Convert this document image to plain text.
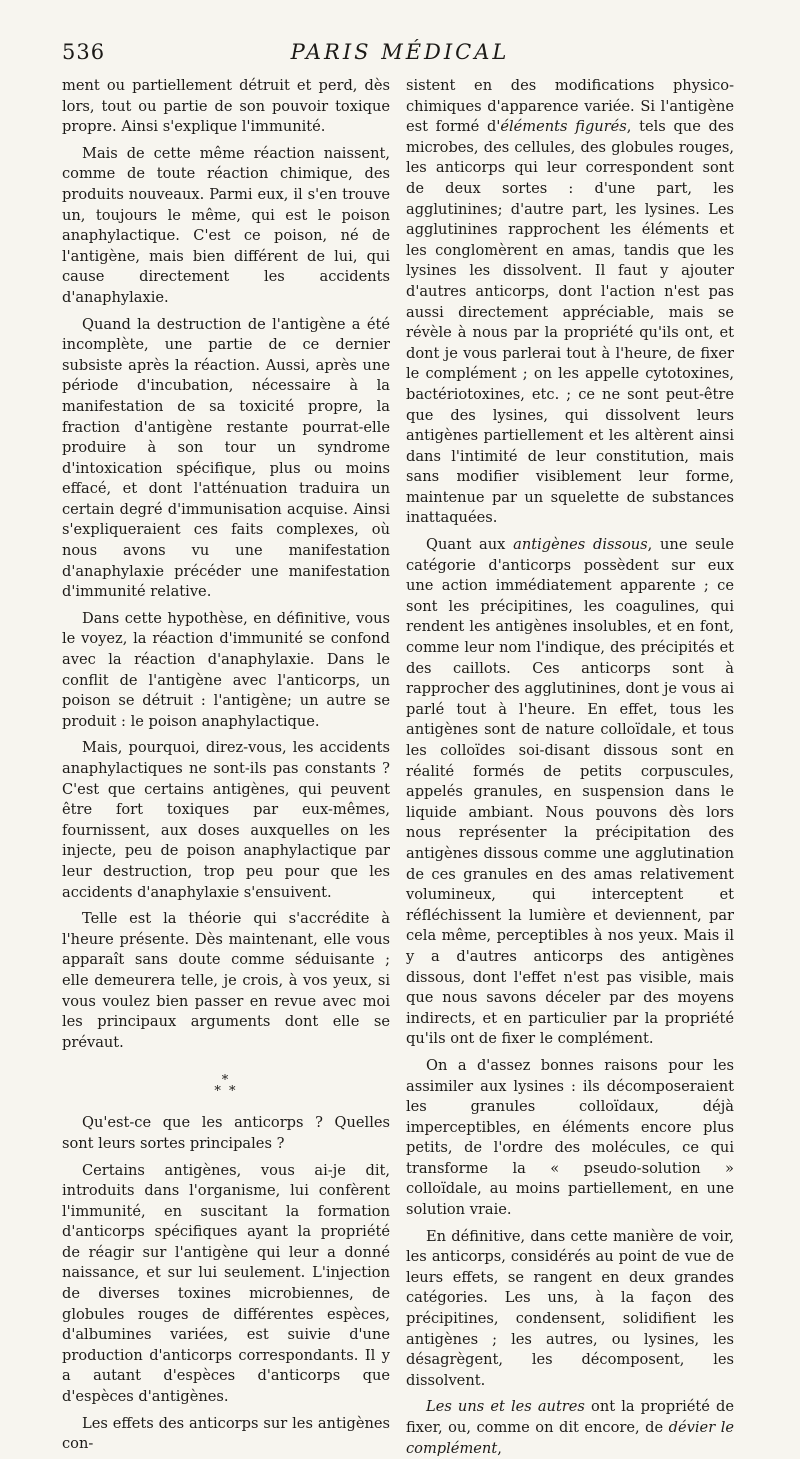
536	PARIS MÉDICAL

ment ou partiellement détruit et perd, dès lors, tout ou partie de son pouvoir toxique propre. Ainsi s'explique l'immunité.

Mais de cette même réaction naissent, comme de toute réaction chimique, des produits nouveaux. Parmi eux, il s'en trouve un, toujours le même, qui est le poison anaphylactique. C'est ce poison, né de l'antigène, mais bien différent de lui, qui cause directement les accidents d'anaphylaxie.

Quand la destruction de l'antigène a été incomplète, une partie de ce dernier subsiste après la réaction. Aussi, après une période d'incubation, nécessaire à la manifestation de sa toxicité propre, la fraction d'antigène restante pourrat-elle produire à son tour un syndrome d'intoxication spécifique, plus ou moins effacé, et dont l'atténuation traduira un certain degré d'immunisation acquise. Ainsi s'expliqueraient ces faits complexes, où nous avons vu une manifestation d'anaphylaxie précéder une manifestation d'immunité relative.

Dans cette hypothèse, en définitive, vous le voyez, la réaction d'immunité se confond avec la réaction d'anaphylaxie. Dans le conflit de l'antigène avec l'anticorps, un poison se détruit : l'antigène; un autre se produit : le poison anaphylactique.

Mais, pourquoi, direz-vous, les accidents anaphylactiques ne sont-ils pas constants ? C'est que certains antigènes, qui peuvent être fort toxiques par eux-mêmes, fournissent, aux doses auxquelles on les injecte, peu de poison anaphylactique par leur destruction, trop peu pour que les accidents d'anaphylaxie s'ensuivent.

Telle est la théorie qui s'accrédite à l'heure présente. Dès maintenant, elle vous apparaît sans doute comme séduisante ; elle demeurera telle, je crois, à vos yeux, si vous voulez bien passer en revue avec moi les principaux arguments dont elle se prévaut.

*
* *

Qu'est-ce que les anticorps ? Quelles sont leurs sortes principales ?

Certains antigènes, vous ai-je dit, introduits dans l'organisme, lui confèrent l'immunité, en suscitant la formation d'anticorps spécifiques ayant la propriété de réagir sur l'antigène qui leur a donné naissance, et sur lui seulement. L'injection de diverses toxines microbiennes, de globules rouges de différentes espèces, d'albumines variées, est suivie d'une production d'anticorps correspondants. Il y a autant d'espèces d'anticorps que d'espèces d'antigènes.

Les effets des anticorps sur les antigènes con-

sistent en des modifications physico-chimiques d'apparence variée. Si l'antigène est formé d'éléments figurés, tels que des microbes, des cellules, des globules rouges, les anticorps qui leur correspondent sont de deux sortes : d'une part, les agglutinines; d'autre part, les lysines. Les agglutinines rapprochent les éléments et les conglomèrent en amas, tandis que les lysines les dissolvent. Il faut y ajouter d'autres anticorps, dont l'action n'est pas aussi directement appréciable, mais se révèle à nous par la propriété qu'ils ont, et dont je vous parlerai tout à l'heure, de fixer le complément ; on les appelle cytotoxines, bactériotoxines, etc. ; ce ne sont peut-être que des lysines, qui dissolvent leurs antigènes partiellement et les altèrent ainsi dans l'intimité de leur constitution, mais sans modifier visiblement leur forme, maintenue par un squelette de substances inattaquées.

Quant aux antigènes dissous, une seule catégorie d'anticorps possèdent sur eux une action immédiatement apparente ; ce sont les précipitines, les coagulines, qui rendent les antigènes insolubles, et en font, comme leur nom l'indique, des précipités et des caillots. Ces anticorps sont à rapprocher des agglutinines, dont je vous ai parlé tout à l'heure. En effet, tous les antigènes sont de nature colloïdale, et tous les colloïdes soi-disant dissous sont en réalité formés de petits corpuscules, appelés granules, en suspension dans le liquide ambiant. Nous pouvons dès lors nous représenter la précipitation des antigènes dissous comme une agglutination de ces granules en des amas relativement volumineux, qui interceptent et réfléchissent la lumière et deviennent, par cela même, perceptibles à nos yeux. Mais il y a d'autres anticorps des antigènes dissous, dont l'effet n'est pas visible, mais que nous savons déceler par des moyens indirects, et en particulier par la propriété qu'ils ont de fixer le complément.

On a d'assez bonnes raisons pour les assimiler aux lysines : ils décomposeraient les granules colloïdaux, déjà imperceptibles, en éléments encore plus petits, de l'ordre des molécules, ce qui transforme la « pseudo-solution » colloïdale, au moins partiellement, en une solution vraie.

En définitive, dans cette manière de voir, les anticorps, considérés au point de vue de leurs effets, se rangent en deux grandes catégories. Les uns, à la façon des précipitines, condensent, solidifient les antigènes ; les autres, ou lysines, les désagrègent, les décomposent, les dissolvent.

Les uns et les autres ont la propriété de fixer, ou, comme on dit encore, de dévier le complément,
